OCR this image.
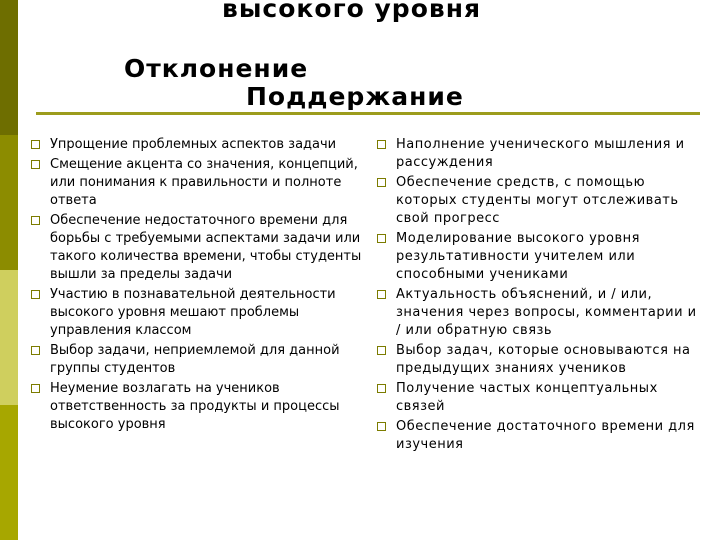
высокого уровня
Отклонение
Поддержание
Упрощение проблемных аспектов задачи
Смещение акцента со значения, концепций, или понимания к правильности и полноте ответа
Обеспечение недостаточного времени для борьбы с требуемыми аспектами задачи или такого количества времени, чтобы студенты вышли за пределы задачи
Участию в познавательной деятельности высокого уровня мешают проблемы управления классом
Выбор задачи, неприемлемой для данной группы студентов
Неумение возлагать на учеников ответственность за продукты и процессы высокого уровня
Наполнение ученического мышления и рассуждения
Обеспечение средств, с помощью которых студенты могут отслеживать свой прогресс
Моделирование высокого уровня результативности учителем или способными учениками
Актуальность объяснений, и / или, значения через вопросы, комментарии и / или обратную связь
Выбор задач, которые основываются на предыдущих знаниях учеников
Получение частых концептуальных связей
Обеспечение достаточного времени для изучения
